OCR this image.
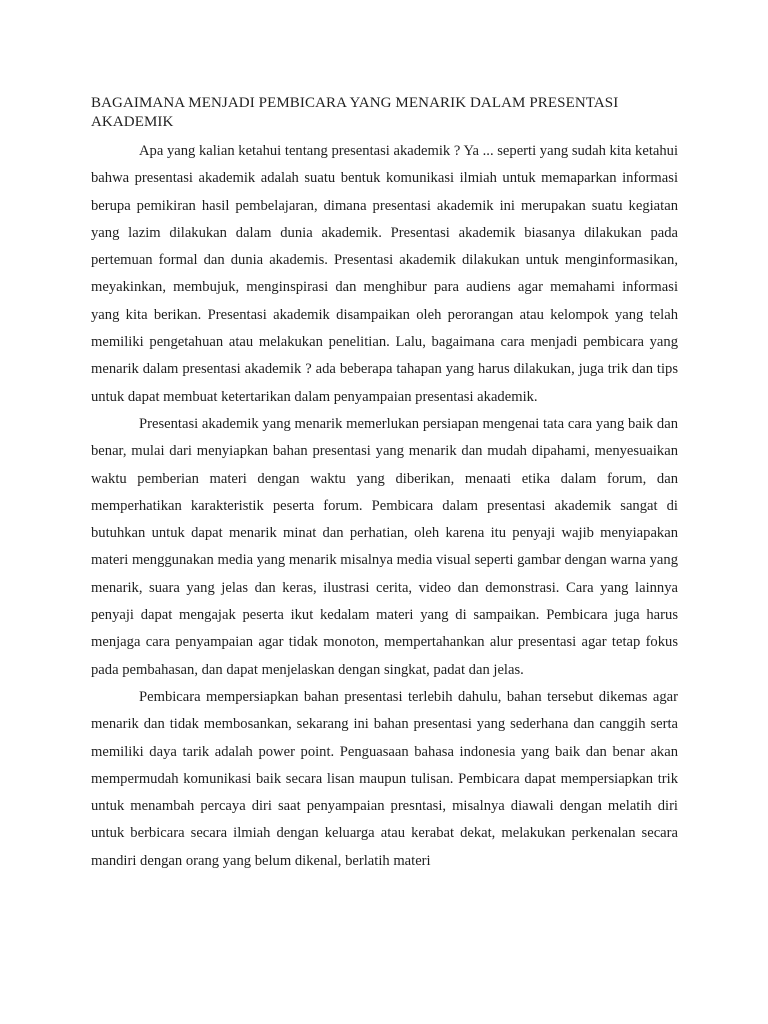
BAGAIMANA MENJADI PEMBICARA YANG MENARIK DALAM PRESENTASI AKADEMIK

Apa yang kalian ketahui tentang presentasi akademik ? Ya ... seperti yang sudah kita ketahui bahwa presentasi akademik adalah suatu bentuk komunikasi ilmiah untuk memaparkan informasi berupa pemikiran hasil pembelajaran, dimana presentasi akademik ini merupakan suatu kegiatan yang lazim dilakukan dalam dunia akademik. Presentasi akademik biasanya dilakukan pada pertemuan formal dan dunia akademis. Presentasi akademik dilakukan untuk menginformasikan, meyakinkan, membujuk, menginspirasi dan menghibur para audiens agar memahami informasi yang kita berikan. Presentasi akademik disampaikan oleh perorangan atau kelompok yang telah memiliki pengetahuan atau melakukan penelitian. Lalu, bagaimana cara menjadi pembicara yang menarik dalam presentasi akademik ? ada beberapa tahapan yang harus dilakukan, juga trik dan tips untuk dapat membuat ketertarikan dalam penyampaian presentasi akademik.

Presentasi akademik yang menarik memerlukan persiapan mengenai tata cara yang baik dan benar, mulai dari menyiapkan bahan presentasi yang menarik dan mudah dipahami, menyesuaikan waktu pemberian materi dengan waktu yang diberikan, menaati etika dalam forum, dan memperhatikan karakteristik peserta forum. Pembicara dalam presentasi akademik sangat di butuhkan untuk dapat menarik minat dan perhatian, oleh karena itu penyaji wajib menyiapakan materi menggunakan media yang menarik misalnya media visual seperti gambar dengan warna yang menarik, suara yang jelas dan keras, ilustrasi cerita, video dan demonstrasi. Cara yang lainnya penyaji dapat mengajak peserta ikut kedalam materi yang di sampaikan. Pembicara juga harus menjaga cara penyampaian agar tidak monoton, mempertahankan alur presentasi agar tetap fokus pada pembahasan, dan dapat menjelaskan dengan singkat, padat dan jelas.

Pembicara mempersiapkan bahan presentasi terlebih dahulu, bahan tersebut dikemas agar menarik dan tidak membosankan, sekarang ini bahan presentasi yang sederhana dan canggih serta memiliki daya tarik adalah power point. Penguasaan bahasa indonesia yang baik dan benar akan mempermudah komunikasi baik secara lisan maupun tulisan. Pembicara dapat mempersiapkan trik untuk menambah percaya diri saat penyampaian presntasi, misalnya diawali dengan melatih diri untuk berbicara secara ilmiah dengan keluarga atau kerabat dekat, melakukan perkenalan secara mandiri dengan orang yang belum dikenal, berlatih materi
